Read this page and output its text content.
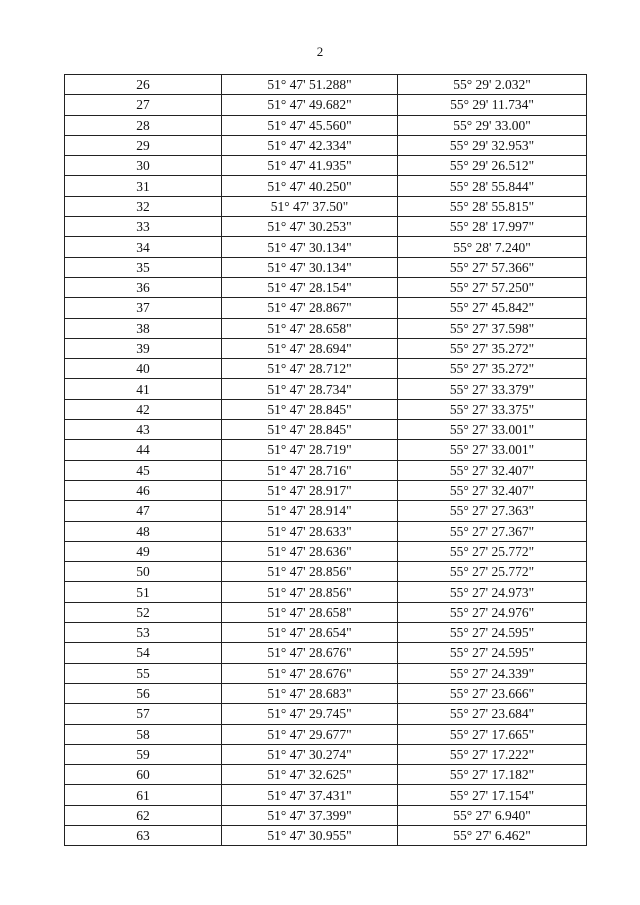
2
26	51° 47' 51.288"	55° 29' 2.032"
27	51° 47' 49.682"	55° 29' 11.734"
28	51° 47' 45.560"	55° 29' 33.00"
29	51° 47' 42.334"	55° 29' 32.953"
30	51° 47' 41.935"	55° 29' 26.512"
31	51° 47' 40.250"	55° 28' 55.844"
32	51° 47' 37.50"	55° 28' 55.815"
33	51° 47' 30.253"	55° 28' 17.997"
34	51° 47' 30.134"	55° 28' 7.240"
35	51° 47' 30.134"	55° 27' 57.366"
36	51° 47' 28.154"	55° 27' 57.250"
37	51° 47' 28.867"	55° 27' 45.842"
38	51° 47' 28.658"	55° 27' 37.598"
39	51° 47' 28.694"	55° 27' 35.272"
40	51° 47' 28.712"	55° 27' 35.272"
41	51° 47' 28.734"	55° 27' 33.379"
42	51° 47' 28.845"	55° 27' 33.375"
43	51° 47' 28.845"	55° 27' 33.001"
44	51° 47' 28.719"	55° 27' 33.001"
45	51° 47' 28.716"	55° 27' 32.407"
46	51° 47' 28.917"	55° 27' 32.407"
47	51° 47' 28.914"	55° 27' 27.363"
48	51° 47' 28.633"	55° 27' 27.367"
49	51° 47' 28.636"	55° 27' 25.772"
50	51° 47' 28.856"	55° 27' 25.772"
51	51° 47' 28.856"	55° 27' 24.973"
52	51° 47' 28.658"	55° 27' 24.976"
53	51° 47' 28.654"	55° 27' 24.595"
54	51° 47' 28.676"	55° 27' 24.595"
55	51° 47' 28.676"	55° 27' 24.339"
56	51° 47' 28.683"	55° 27' 23.666"
57	51° 47' 29.745"	55° 27' 23.684"
58	51° 47' 29.677"	55° 27' 17.665"
59	51° 47' 30.274"	55° 27' 17.222"
60	51° 47' 32.625"	55° 27' 17.182"
61	51° 47' 37.431"	55° 27' 17.154"
62	51° 47' 37.399"	55° 27' 6.940"
63	51° 47' 30.955"	55° 27' 6.462"
